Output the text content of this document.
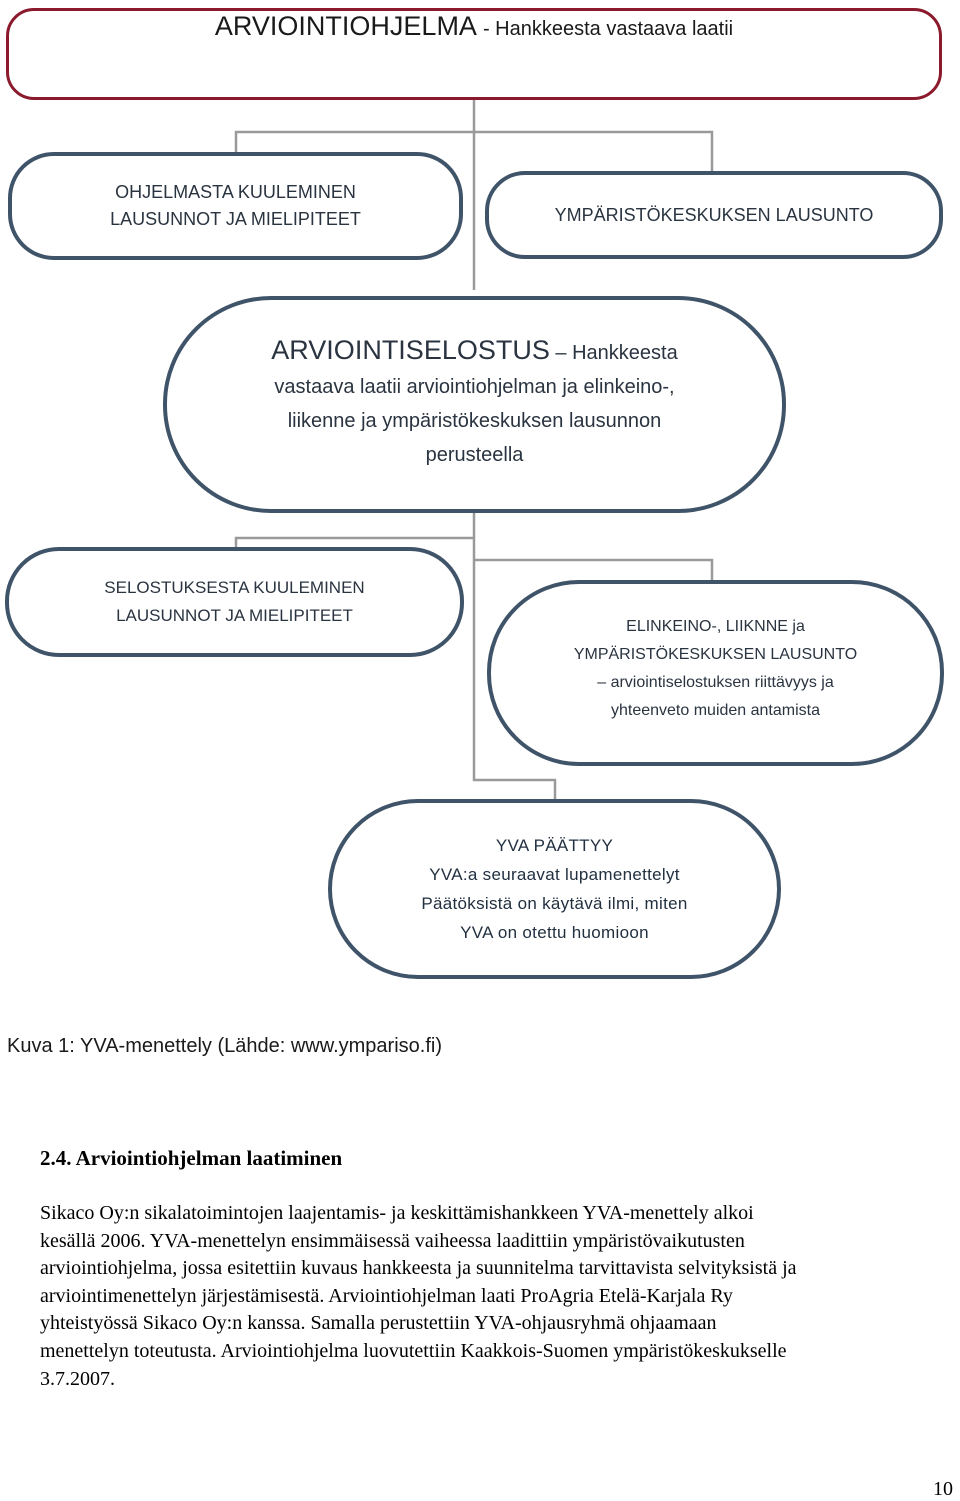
ARVIOINTIOHJELMA - Hankkeesta vastaava laatii
OHJELMASTA KUULEMINEN
LAUSUNNOT JA MIELIPITEET	YMPÄRISTÖKESKUKSEN LAUSUNTO
ARVIOINTISELOSTUS – Hankkeesta
vastaava laatii arviointiohjelman ja elinkeino-,
liikenne ja ympäristökeskuksen lausunnon
perusteella
SELOSTUKSESTA KUULEMINEN
LAUSUNNOT JA MIELIPITEET
ELINKEINO-, LIIKNNE ja
YMPÄRISTÖKESKUKSEN LAUSUNTO
– arviointiselostuksen riittävyys ja
yhteenveto muiden antamista
YVA PÄÄTTYY
YVA:a seuraavat lupamenettelyt
Päätöksistä on käytävä ilmi, miten
YVA on otettu huomioon
Kuva 1: YVA-menettely (Lähde: www.ympariso.fi)
2.4. Arviointiohjelman laatiminen

Sikaco Oy:n sikalatoimintojen laajentamis- ja keskittämishankkeen YVA-menettely alkoi
kesällä 2006. YVA-menettelyn ensimmäisessä vaiheessa laadittiin ympäristövaikutusten
arviointiohjelma, jossa esitettiin kuvaus hankkeesta ja suunnitelma tarvittavista selvityksistä ja
arviointimenettelyn järjestämisestä. Arviointiohjelman laati ProAgria Etelä-Karjala Ry
yhteistyössä Sikaco Oy:n kanssa. Samalla perustettiin YVA-ohjausryhmä ohjaamaan
menettelyn toteutusta. Arviointiohjelma luovutettiin Kaakkois-Suomen ympäristökeskukselle
3.7.2007.

10
